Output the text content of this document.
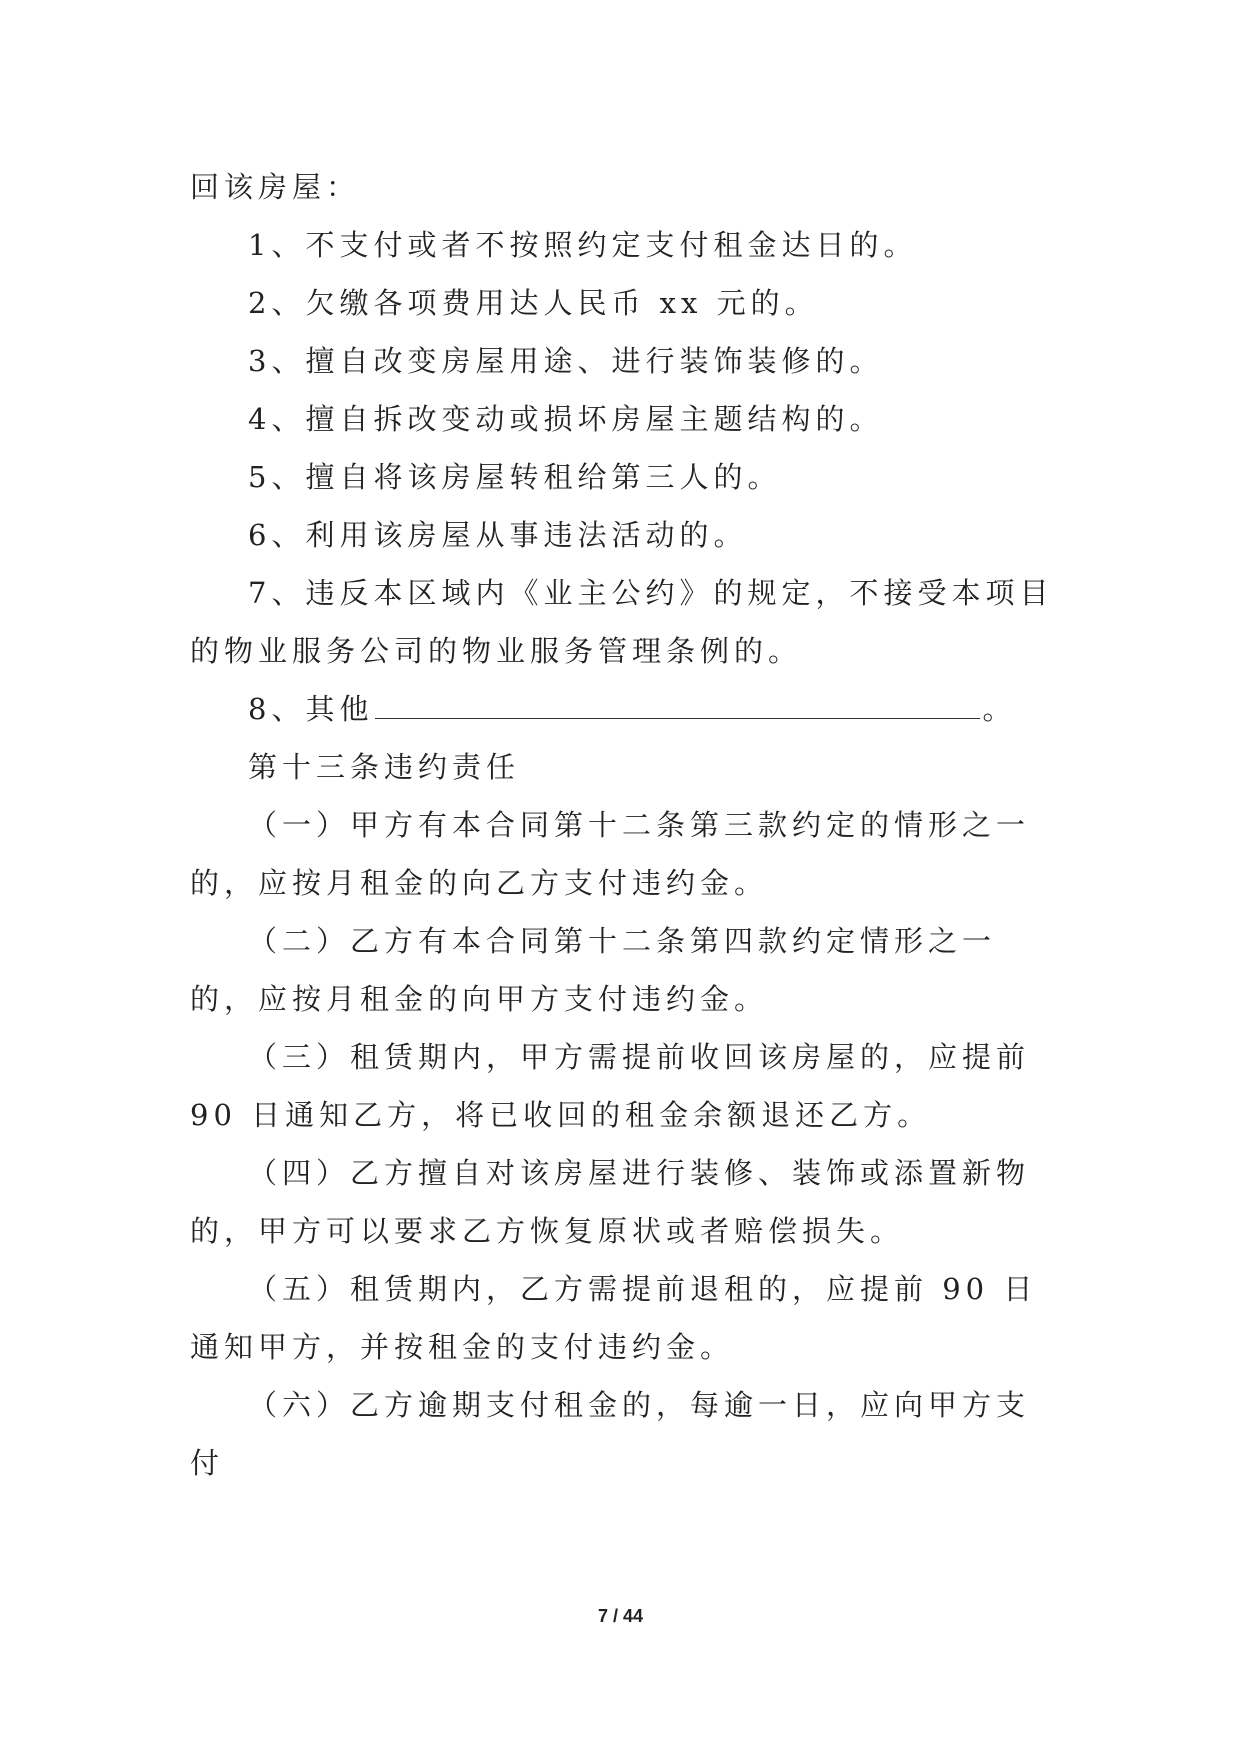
回该房屋：

1、不支付或者不按照约定支付租金达日的。

2、欠缴各项费用达人民币 xx 元的。

3、擅自改变房屋用途、进行装饰装修的。

4、擅自拆改变动或损坏房屋主题结构的。

5、擅自将该房屋转租给第三人的。

6、利用该房屋从事违法活动的。

7、违反本区域内《业主公约》的规定，不接受本项目的物业服务公司的物业服务管理条例的。

8、其他	。

第十三条违约责任

（一）甲方有本合同第十二条第三款约定的情形之一的，应按月租金的向乙方支付违约金。

（二）乙方有本合同第十二条第四款约定情形之一的，应按月租金的向甲方支付违约金。

（三）租赁期内，甲方需提前收回该房屋的，应提前 90 日通知乙方，将已收回的租金余额退还乙方。

（四）乙方擅自对该房屋进行装修、装饰或添置新物的，甲方可以要求乙方恢复原状或者赔偿损失。

（五）租赁期内，乙方需提前退租的，应提前 90 日通知甲方，并按租金的支付违约金。

（六）乙方逾期支付租金的，每逾一日，应向甲方支付

7 / 44
